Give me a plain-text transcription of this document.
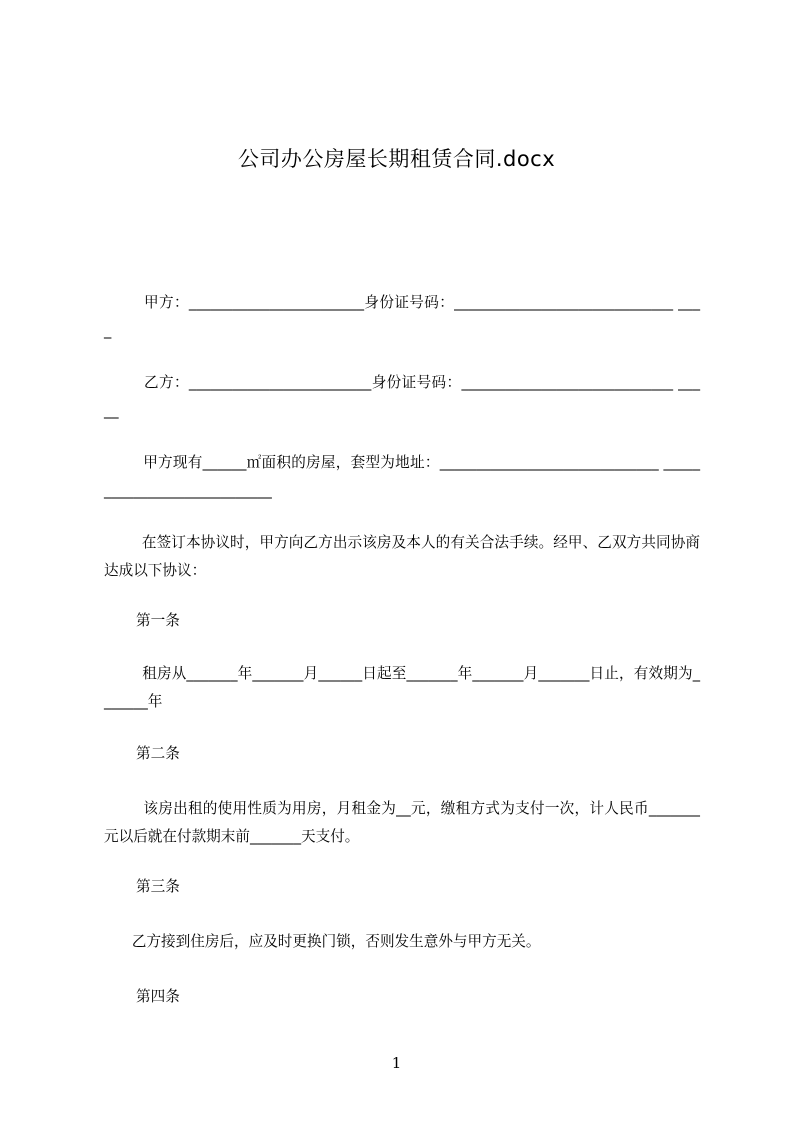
公司办公房屋长期租赁合同.docx
甲方：________________________身份证号码：______________________________ ____
乙方：_________________________身份证号码：_____________________________ _____
甲方现有______㎡面积的房屋，套型为地址：______________________________ ____________________________
在签订本协议时，甲方向乙方出示该房及本人的有关合法手续。经甲、乙双方共同协商达成以下协议：
第一条
租房从_______年_______月______日起至_______年_______月_______日止，有效期为_______年
第二条
该房出租的使用性质为用房，月租金为__元，缴租方式为支付一次，计人民币_______元以后就在付款期末前_______天支付。
第三条
乙方接到住房后，应及时更换门锁，否则发生意外与甲方无关。
第四条
1
